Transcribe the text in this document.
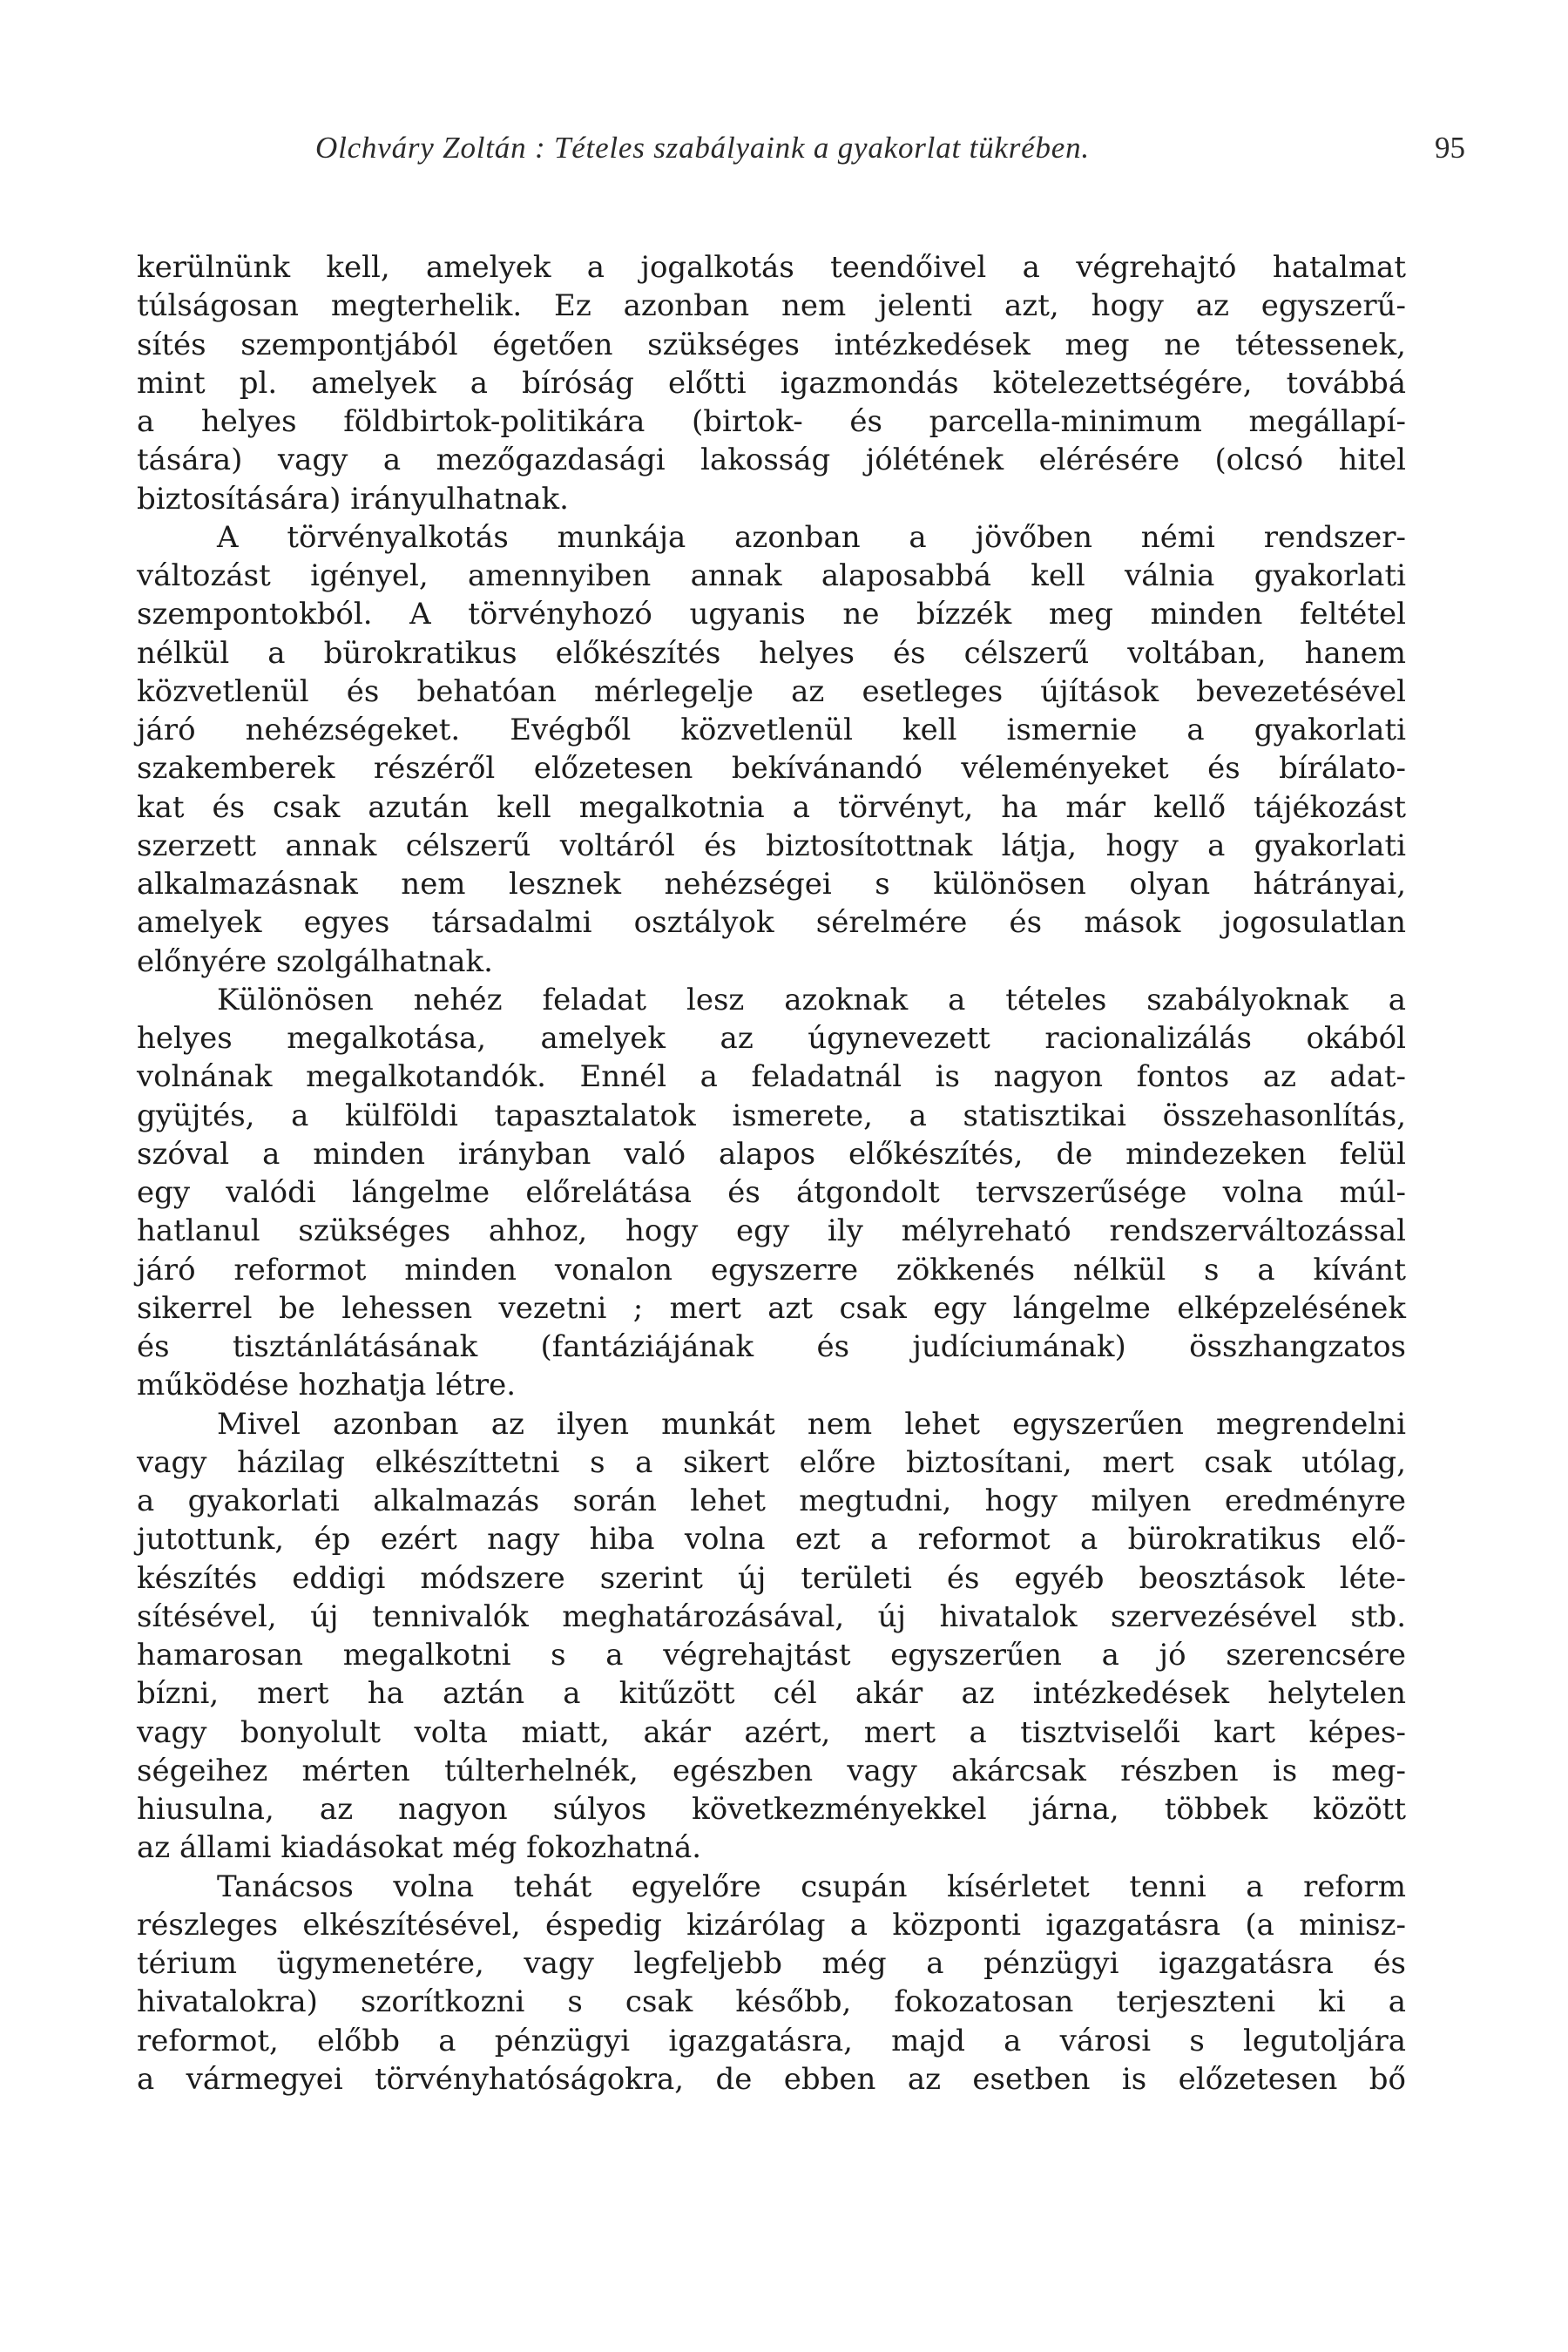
Olchváry Zoltán : Tételes szabályaink a gyakorlat tükrében.	95
kerülnünk kell, amelyek a jogalkotás teendőivel a végrehajtó hatalmat
túlságosan megterhelik. Ez azonban nem jelenti azt, hogy az egyszerű-
sítés szempontjából égetően szükséges intézkedések meg ne tétessenek,
mint pl. amelyek a bíróság előtti igazmondás kötelezettségére, továbbá
a helyes földbirtok-politikára (birtok- és parcella-minimum megállapí-
tására) vagy a mezőgazdasági lakosság jólétének elérésére (olcsó hitel
biztosítására) irányulhatnak.
A törvényalkotás munkája azonban a jövőben némi rendszer-
változást igényel, amennyiben annak alaposabbá kell válnia gyakorlati
szempontokból. A törvényhozó ugyanis ne bízzék meg minden feltétel
nélkül a bürokratikus előkészítés helyes és célszerű voltában, hanem
közvetlenül és behatóan mérlegelje az esetleges újítások bevezetésével
járó nehézségeket. Evégből közvetlenül kell ismernie a gyakorlati
szakemberek részéről előzetesen bekívánandó véleményeket és bírálato-
kat és csak azután kell megalkotnia a törvényt, ha már kellő tájékozást
szerzett annak célszerű voltáról és biztosítottnak látja, hogy a gyakorlati
alkalmazásnak nem lesznek nehézségei s különösen olyan hátrányai,
amelyek egyes társadalmi osztályok sérelmére és mások jogosulatlan
előnyére szolgálhatnak.
Különösen nehéz feladat lesz azoknak a tételes szabályoknak a
helyes megalkotása, amelyek az úgynevezett racionalizálás okából
volnának megalkotandók. Ennél a feladatnál is nagyon fontos az adat-
gyüjtés, a külföldi tapasztalatok ismerete, a statisztikai összehasonlítás,
szóval a minden irányban való alapos előkészítés, de mindezeken felül
egy valódi lángelme előrelátása és átgondolt tervszerűsége volna múl-
hatlanul szükséges ahhoz, hogy egy ily mélyreható rendszerváltozással
járó reformot minden vonalon egyszerre zökkenés nélkül s a kívánt
sikerrel be lehessen vezetni ; mert azt csak egy lángelme elképzelésének
és tisztánlátásának (fantáziájának és judíciumának) összhangzatos
működése hozhatja létre.
Mivel azonban az ilyen munkát nem lehet egyszerűen megrendelni
vagy házilag elkészíttetni s a sikert előre biztosítani, mert csak utólag,
a gyakorlati alkalmazás során lehet megtudni, hogy milyen eredményre
jutottunk, ép ezért nagy hiba volna ezt a reformot a bürokratikus elő-
készítés eddigi módszere szerint új területi és egyéb beosztások léte-
sítésével, új tennivalók meghatározásával, új hivatalok szervezésével stb.
hamarosan megalkotni s a végrehajtást egyszerűen a jó szerencsére
bízni, mert ha aztán a kitűzött cél akár az intézkedések helytelen
vagy bonyolult volta miatt, akár azért, mert a tisztviselői kart képes-
ségeihez mérten túlterhelnék, egészben vagy akárcsak részben is meg-
hiusulna, az nagyon súlyos következményekkel járna, többek között
az állami kiadásokat még fokozhatná.
Tanácsos volna tehát egyelőre csupán kísérletet tenni a reform
részleges elkészítésével, éspedig kizárólag a központi igazgatásra (a minisz-
térium ügymenetére, vagy legfeljebb még a pénzügyi igazgatásra és
hivatalokra) szorítkozni s csak később, fokozatosan terjeszteni ki a
reformot, előbb a pénzügyi igazgatásra, majd a városi s legutoljára
a vármegyei törvényhatóságokra, de ebben az esetben is előzetesen bő
